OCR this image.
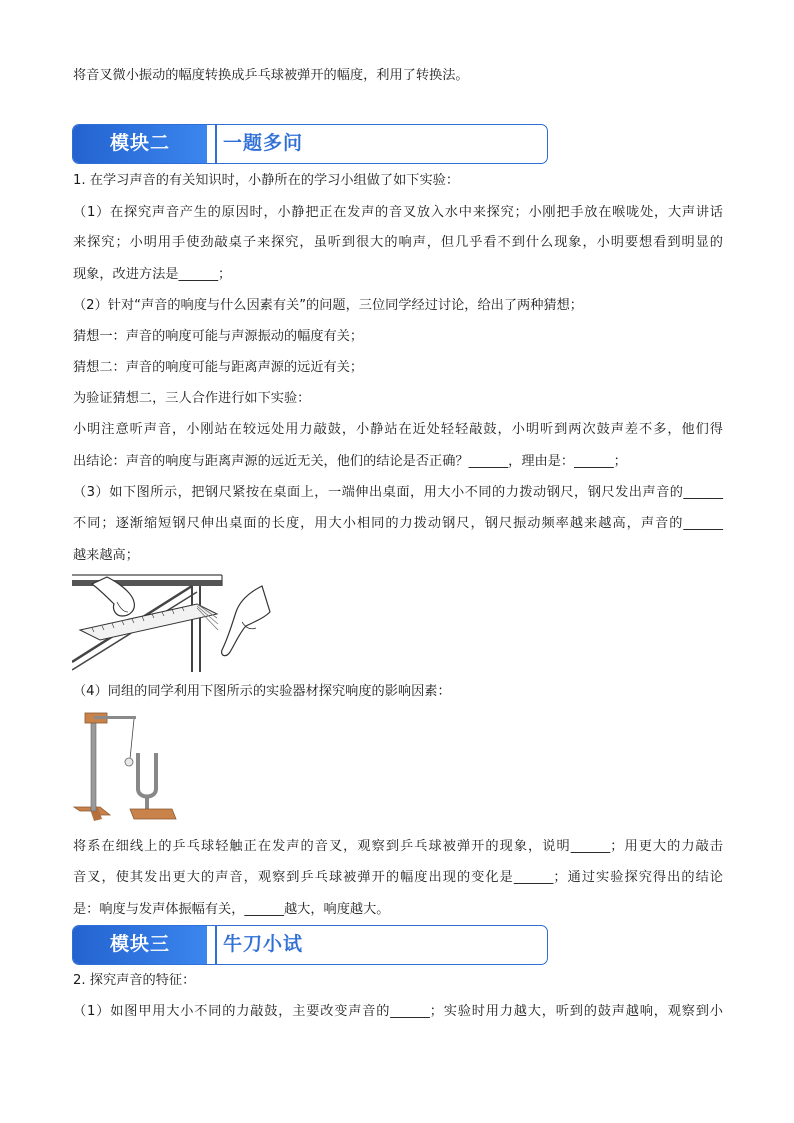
将音叉微小振动的幅度转换成乒乓球被弹开的幅度，利用了转换法。
模块二	一题多问
1. 在学习声音的有关知识时，小静所在的学习小组做了如下实验：
（1）在探究声音产生的原因时，小静把正在发声的音叉放入水中来探究；小刚把手放在喉咙处，大声讲话
来探究；小明用手使劲敲桌子来探究，虽听到很大的响声，但几乎看不到什么现象，小明要想看到明显的
现象，改进方法是______；
（2）针对“声音的响度与什么因素有关”的问题，三位同学经过讨论，给出了两种猜想；
猜想一：声音的响度可能与声源振动的幅度有关；
猜想二：声音的响度可能与距离声源的远近有关；
为验证猜想二，三人合作进行如下实验：
小明注意听声音，小刚站在较远处用力敲鼓，小静站在近处轻轻敲鼓，小明听到两次鼓声差不多，他们得
出结论：声音的响度与距离声源的远近无关，他们的结论是否正确？______，理由是：______；
（3）如下图所示，把钢尺紧按在桌面上，一端伸出桌面，用大小不同的力拨动钢尺，钢尺发出声音的______
不同；逐渐缩短钢尺伸出桌面的长度，用大小相同的力拨动钢尺，钢尺振动频率越来越高，声音的______
越来越高；
（4）同组的同学利用下图所示的实验器材探究响度的影响因素：
将系在细线上的乒乓球轻触正在发声的音叉，观察到乒乓球被弹开的现象，说明______；用更大的力敲击
音叉，使其发出更大的声音，观察到乒乓球被弹开的幅度出现的变化是______；通过实验探究得出的结论
是：响度与发声体振幅有关，______越大，响度越大。
模块三	牛刀小试
2. 探究声音的特征：
（1）如图甲用大小不同的力敲鼓，主要改变声音的______；实验时用力越大，听到的鼓声越响，观察到小
